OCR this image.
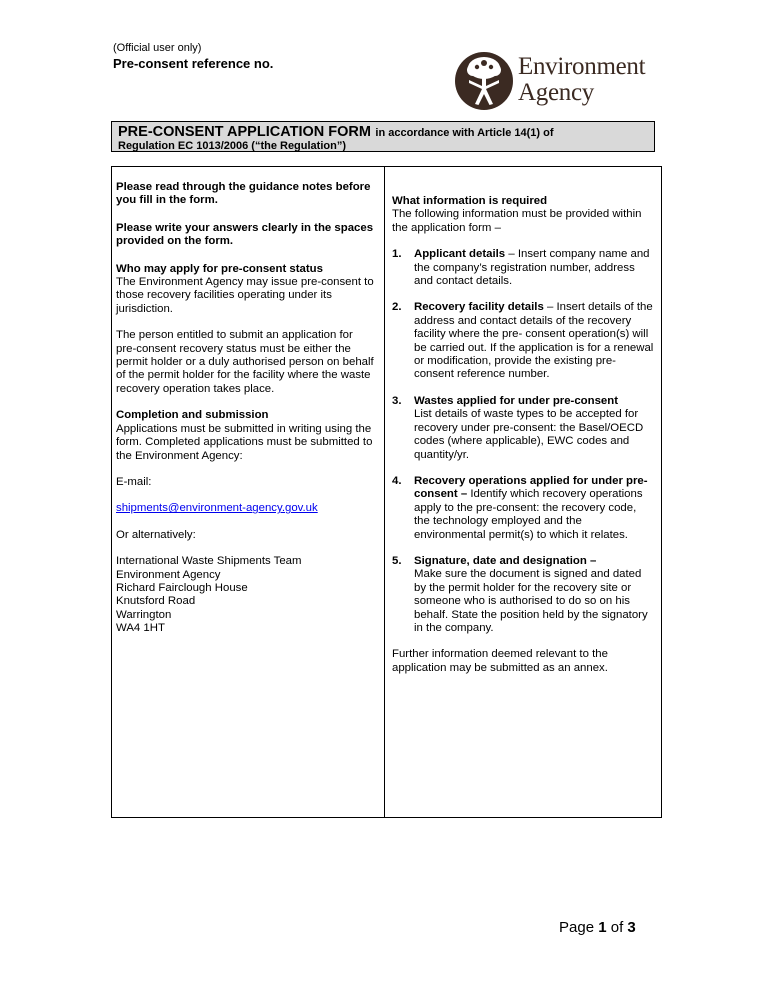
(Official user only)
Pre-consent reference no.	Environment
Agency
PRE-CONSENT APPLICATION FORM in accordance with Article 14(1) of
Regulation EC 1013/2006 (“the Regulation”)

Please read through the guidance notes before you fill in the form.

Please write your answers clearly in the spaces provided on the form.

Who may apply for pre-consent status

The Environment Agency may issue pre-consent to those recovery facilities operating under its jurisdiction.

The person entitled to submit an application for pre-consent recovery status must be either the permit holder or a duly authorised person on behalf of the permit holder for the facility where the waste recovery operation takes place.

Completion and submission

Applications must be submitted in writing using the form. Completed applications must be submitted to the Environment Agency:

E-mail:

shipments@environment-agency.gov.uk

Or alternatively:

International Waste Shipments Team
Environment Agency
Richard Fairclough House
Knutsford Road
Warrington
WA4 1HT

What information is required

The following information must be provided within the application form –

1. Applicant details – Insert company name and the company’s registration number, address and contact details.
2. Recovery facility details – Insert details of the address and contact details of the recovery facility where the pre- consent operation(s) will be carried out. If the application is for a renewal or modification, provide the existing pre-consent reference number.
3. Wastes applied for under pre-consent
List details of waste types to be accepted for recovery under pre-consent: the Basel/OECD codes (where applicable), EWC codes and quantity/yr.
4. Recovery operations applied for under pre-consent – Identify which recovery operations apply to the pre-consent: the recovery code, the technology employed and the environmental permit(s) to which it relates.
5. Signature, date and designation –
Make sure the document is signed and dated by the permit holder for the recovery site or someone who is authorised to do so on his behalf. State the position held by the signatory in the company.

Further information deemed relevant to the application may be submitted as an annex.

Page 1 of 3
